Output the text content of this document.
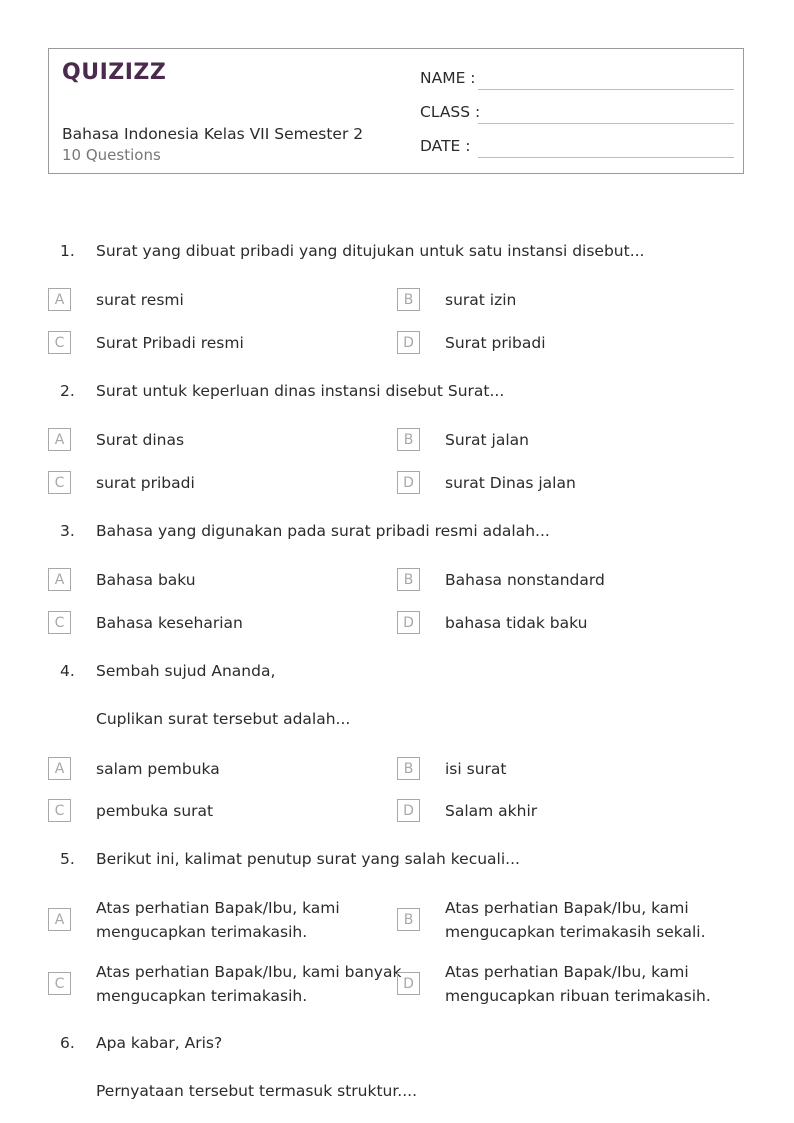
QUIZIZZ
Bahasa Indonesia Kelas VII Semester 2
10 Questions
NAME :
CLASS :
DATE :
1. Surat yang dibuat pribadi yang ditujukan untuk satu instansi disebut...
A	surat resmi	B	surat izin
C	Surat Pribadi resmi	D	Surat pribadi
2. Surat untuk keperluan dinas instansi disebut Surat...
A	Surat dinas	B	Surat jalan
C	surat pribadi	D	surat Dinas jalan
3. Bahasa yang digunakan pada surat pribadi resmi adalah...
A	Bahasa baku	B	Bahasa nonstandard
C	Bahasa keseharian	D	bahasa tidak baku
4. Sembah sujud Ananda,
Cuplikan surat tersebut adalah...
A	salam pembuka	B	isi surat
C	pembuka surat	D	Salam akhir
5. Berikut ini, kalimat penutup surat yang salah kecuali...
A
Atas perhatian Bapak/Ibu, kami
mengucapkan terimakasih.
B
Atas perhatian Bapak/Ibu, kami
mengucapkan terimakasih sekali.
C
Atas perhatian Bapak/Ibu, kami banyak
mengucapkan terimakasih.
D
Atas perhatian Bapak/Ibu, kami
mengucapkan ribuan terimakasih.
6. Apa kabar, Aris?
Pernyataan tersebut termasuk struktur....
